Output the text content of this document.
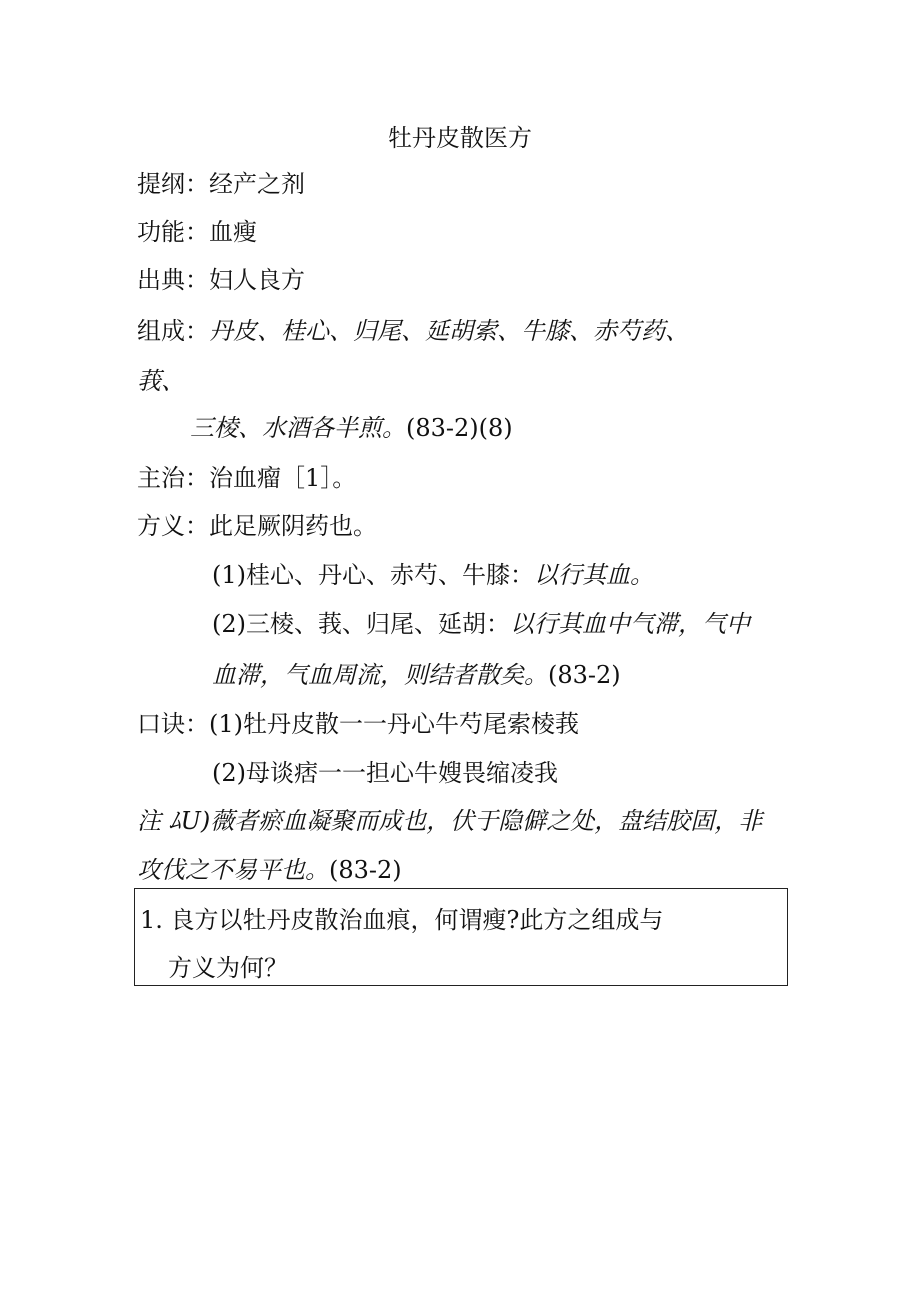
牡丹皮散医方
提纲：经产之剂
功能：血瘦
出典：妇人良方
组成：丹皮、桂心、归尾、延胡索、牛膝、赤芍药、
莪、
三棱、水酒各半煎。(83-2)(8)
主治：治血瘤［1］。
方义：此足厥阴药也。
(1)桂心、丹心、赤芍、牛膝：以行其血。
(2)三棱、莪、归尾、延胡：以行其血中气滞，气中
血滞，气血周流，则结者散矣。(83-2)
口诀：(1)牡丹皮散一一丹心牛芍尾索棱莪
(2)母谈痞一一担心牛嫂畏缩凌我
注 ﾑU)薇者瘀血凝聚而成也，伏于隐僻之处，盘结胶固，非
攻伐之不易平也。(83-2)
1. 良方以牡丹皮散治血痕，何谓瘦?此方之组成与
方义为何？
